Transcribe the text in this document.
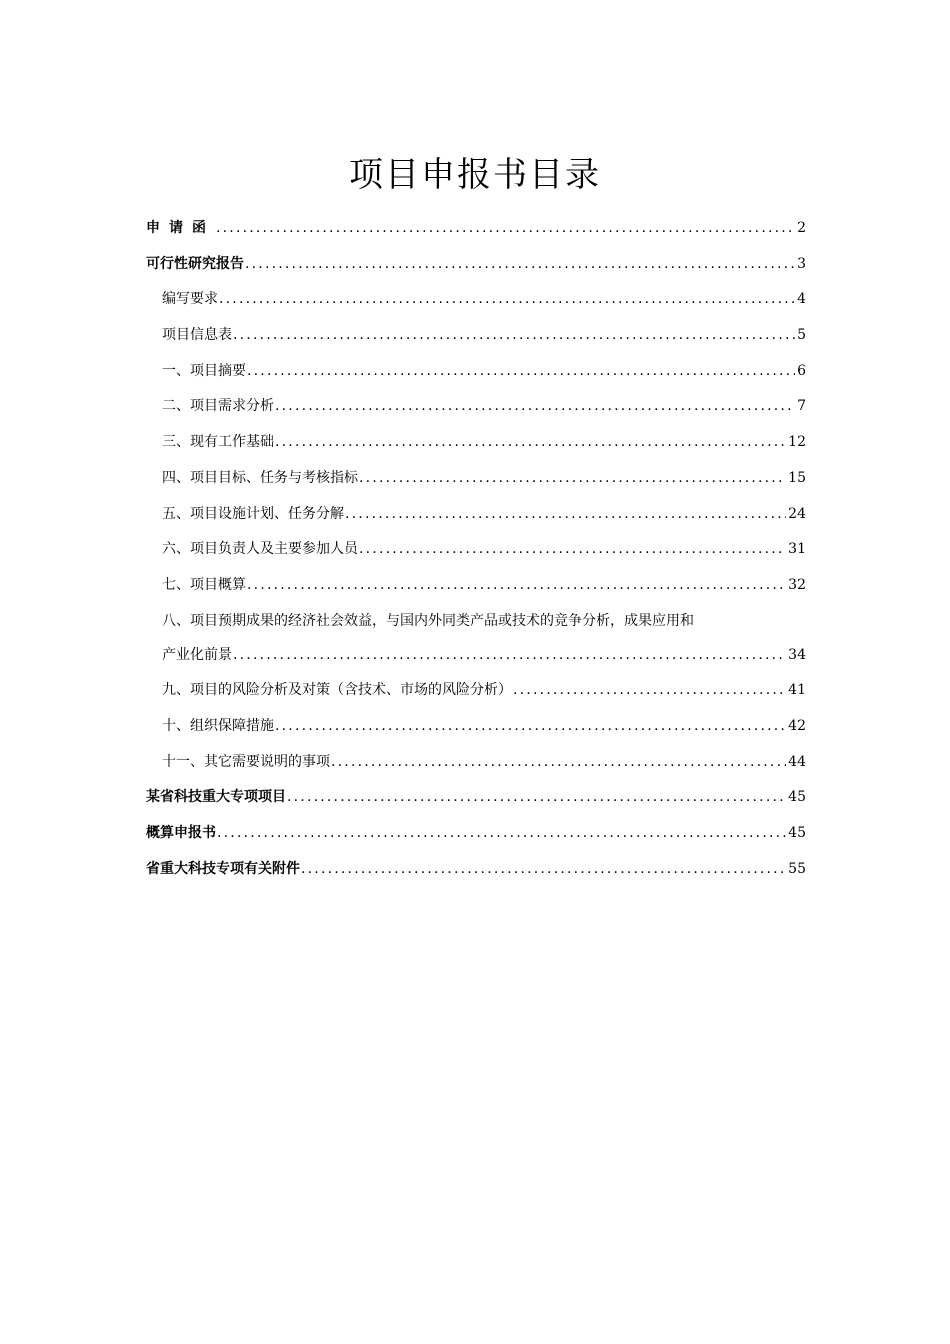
项目申报书目录
申请函 .....	2
可行性研究报告 .....	3
编写要求 .....	4
项目信息表 .....	5
一、项目摘要 .....	6
二、项目需求分析 .....	7
三、现有工作基础 .....	12
四、项目目标、任务与考核指标 .....	15
五、项目设施计划、任务分解 .....	24
六、项目负责人及主要参加人员 .....	31
七、项目概算 .....	32
八、项目预期成果的经济社会效益，与国内外同类产品或技术的竞争分析，成果应用和
产业化前景 .....	34
九、项目的风险分析及对策（含技术、市场的风险分析） .....	41
十、组织保障措施 .....	42
十一、其它需要说明的事项 .....	44
某省科技重大专项项目 .....	45
概算申报书 .....	45
省重大科技专项有关附件 .....	55
